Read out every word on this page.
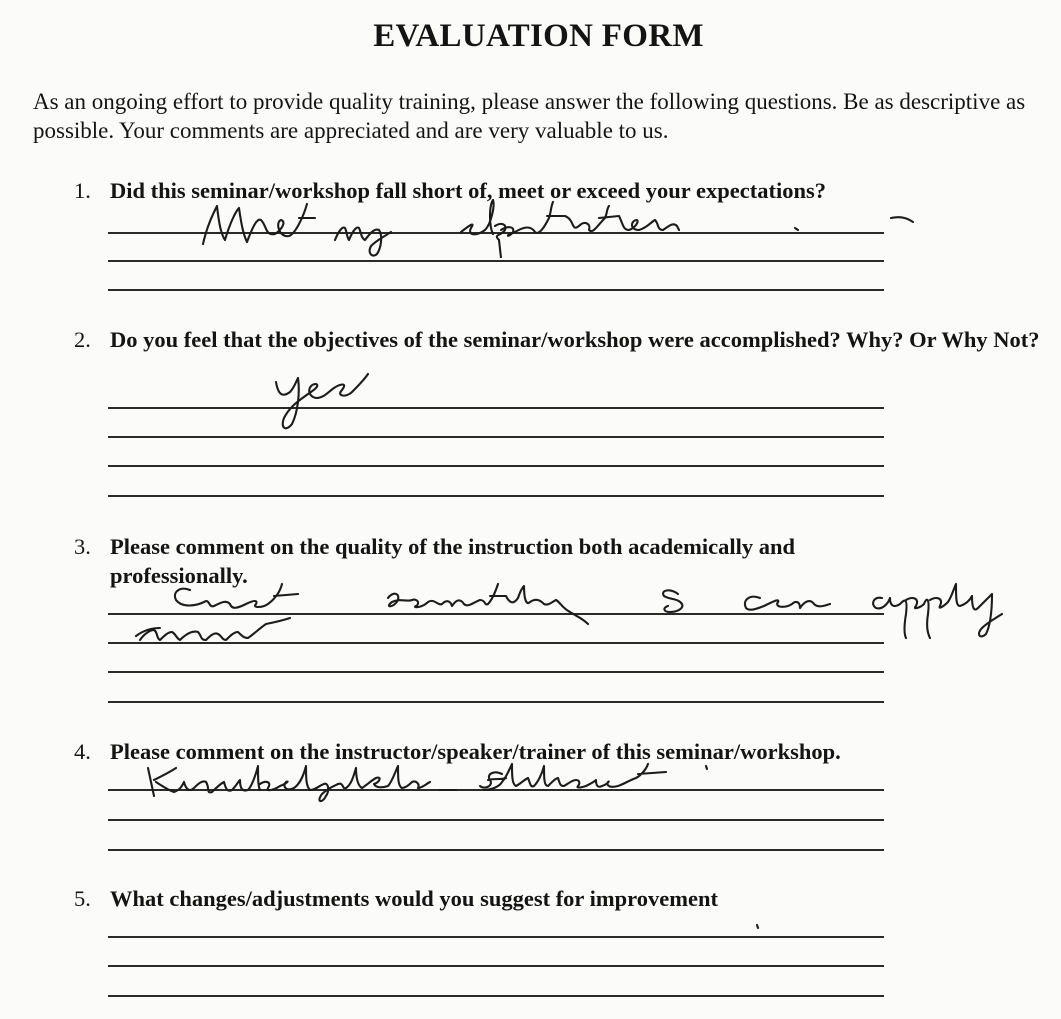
EVALUATION FORM
As an ongoing effort to provide quality training, please answer the following questions. Be as descriptive as possible. Your comments are appreciated and are very valuable to us.
1. Did this seminar/workshop fall short of, meet or exceed your expectations?
2. Do you feel that the objectives of the seminar/workshop were accomplished? Why? Or Why Not?
3. Please comment on the quality of the instruction both academically and professionally.
4. Please comment on the instructor/speaker/trainer of this seminar/workshop.
5. What changes/adjustments would you suggest for improvement
